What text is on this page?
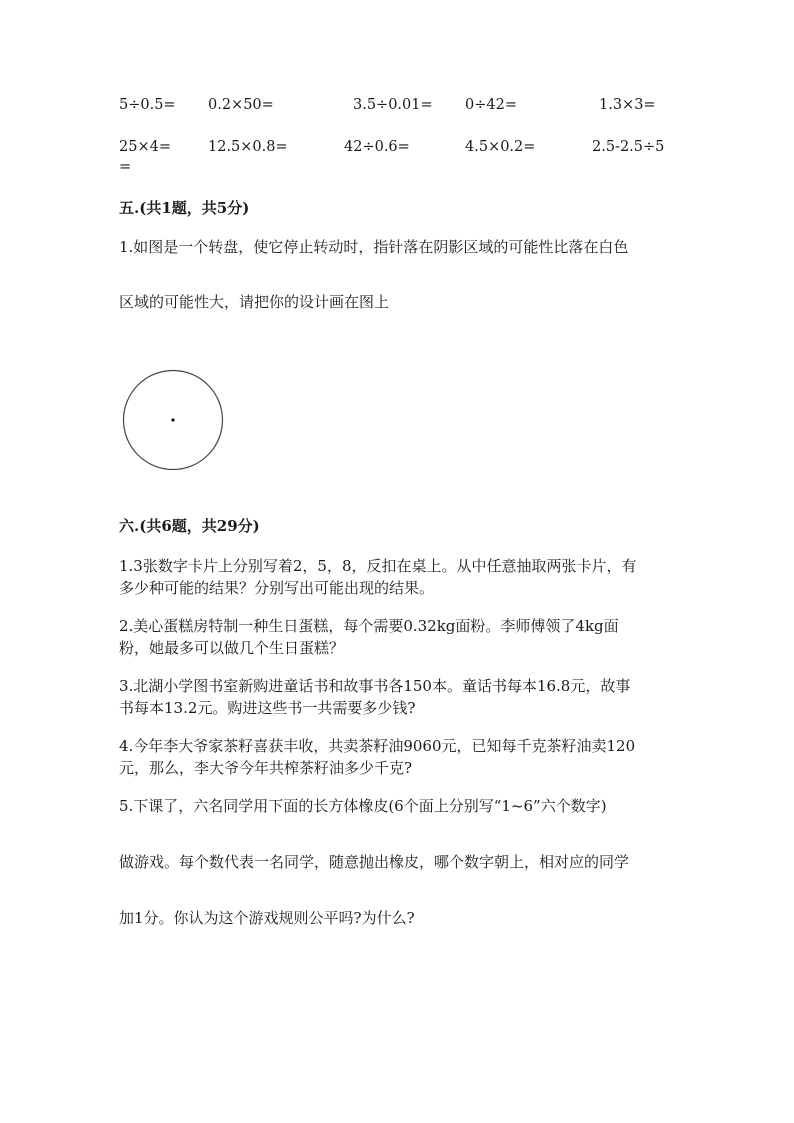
5÷0.5= 0.2×50=	3.5÷0.01= 0÷42=	1.3×3=
25×4=	12.5×0.8=	42÷0.6=	4.5×0.2=	2.5-2.5÷5
=
五.(共1题，共5分)
1.如图是一个转盘，使它停止转动时，指针落在阴影区域的可能性比落在白色
区域的可能性大，请把你的设计画在图上
六.(共6题，共29分)
1.3张数字卡片上分别写着2，5，8，反扣在桌上。从中任意抽取两张卡片，有
多少种可能的结果？分别写出可能出现的结果。
2.美心蛋糕房特制一种生日蛋糕，每个需要0.32kg面粉。李师傅领了4kg面
粉，她最多可以做几个生日蛋糕？
3.北湖小学图书室新购进童话书和故事书各150本。童话书每本16.8元，故事
书每本13.2元。购进这些书一共需要多少钱?
4.今年李大爷家茶籽喜获丰收，共卖茶籽油9060元，已知每千克茶籽油卖120
元，那么，李大爷今年共榨茶籽油多少千克?
5.下课了，六名同学用下面的长方体橡皮(6个面上分别写“1~6”六个数字)
做游戏。每个数代表一名同学，随意抛出橡皮，哪个数字朝上，相对应的同学
加1分。你认为这个游戏规则公平吗?为什么?
